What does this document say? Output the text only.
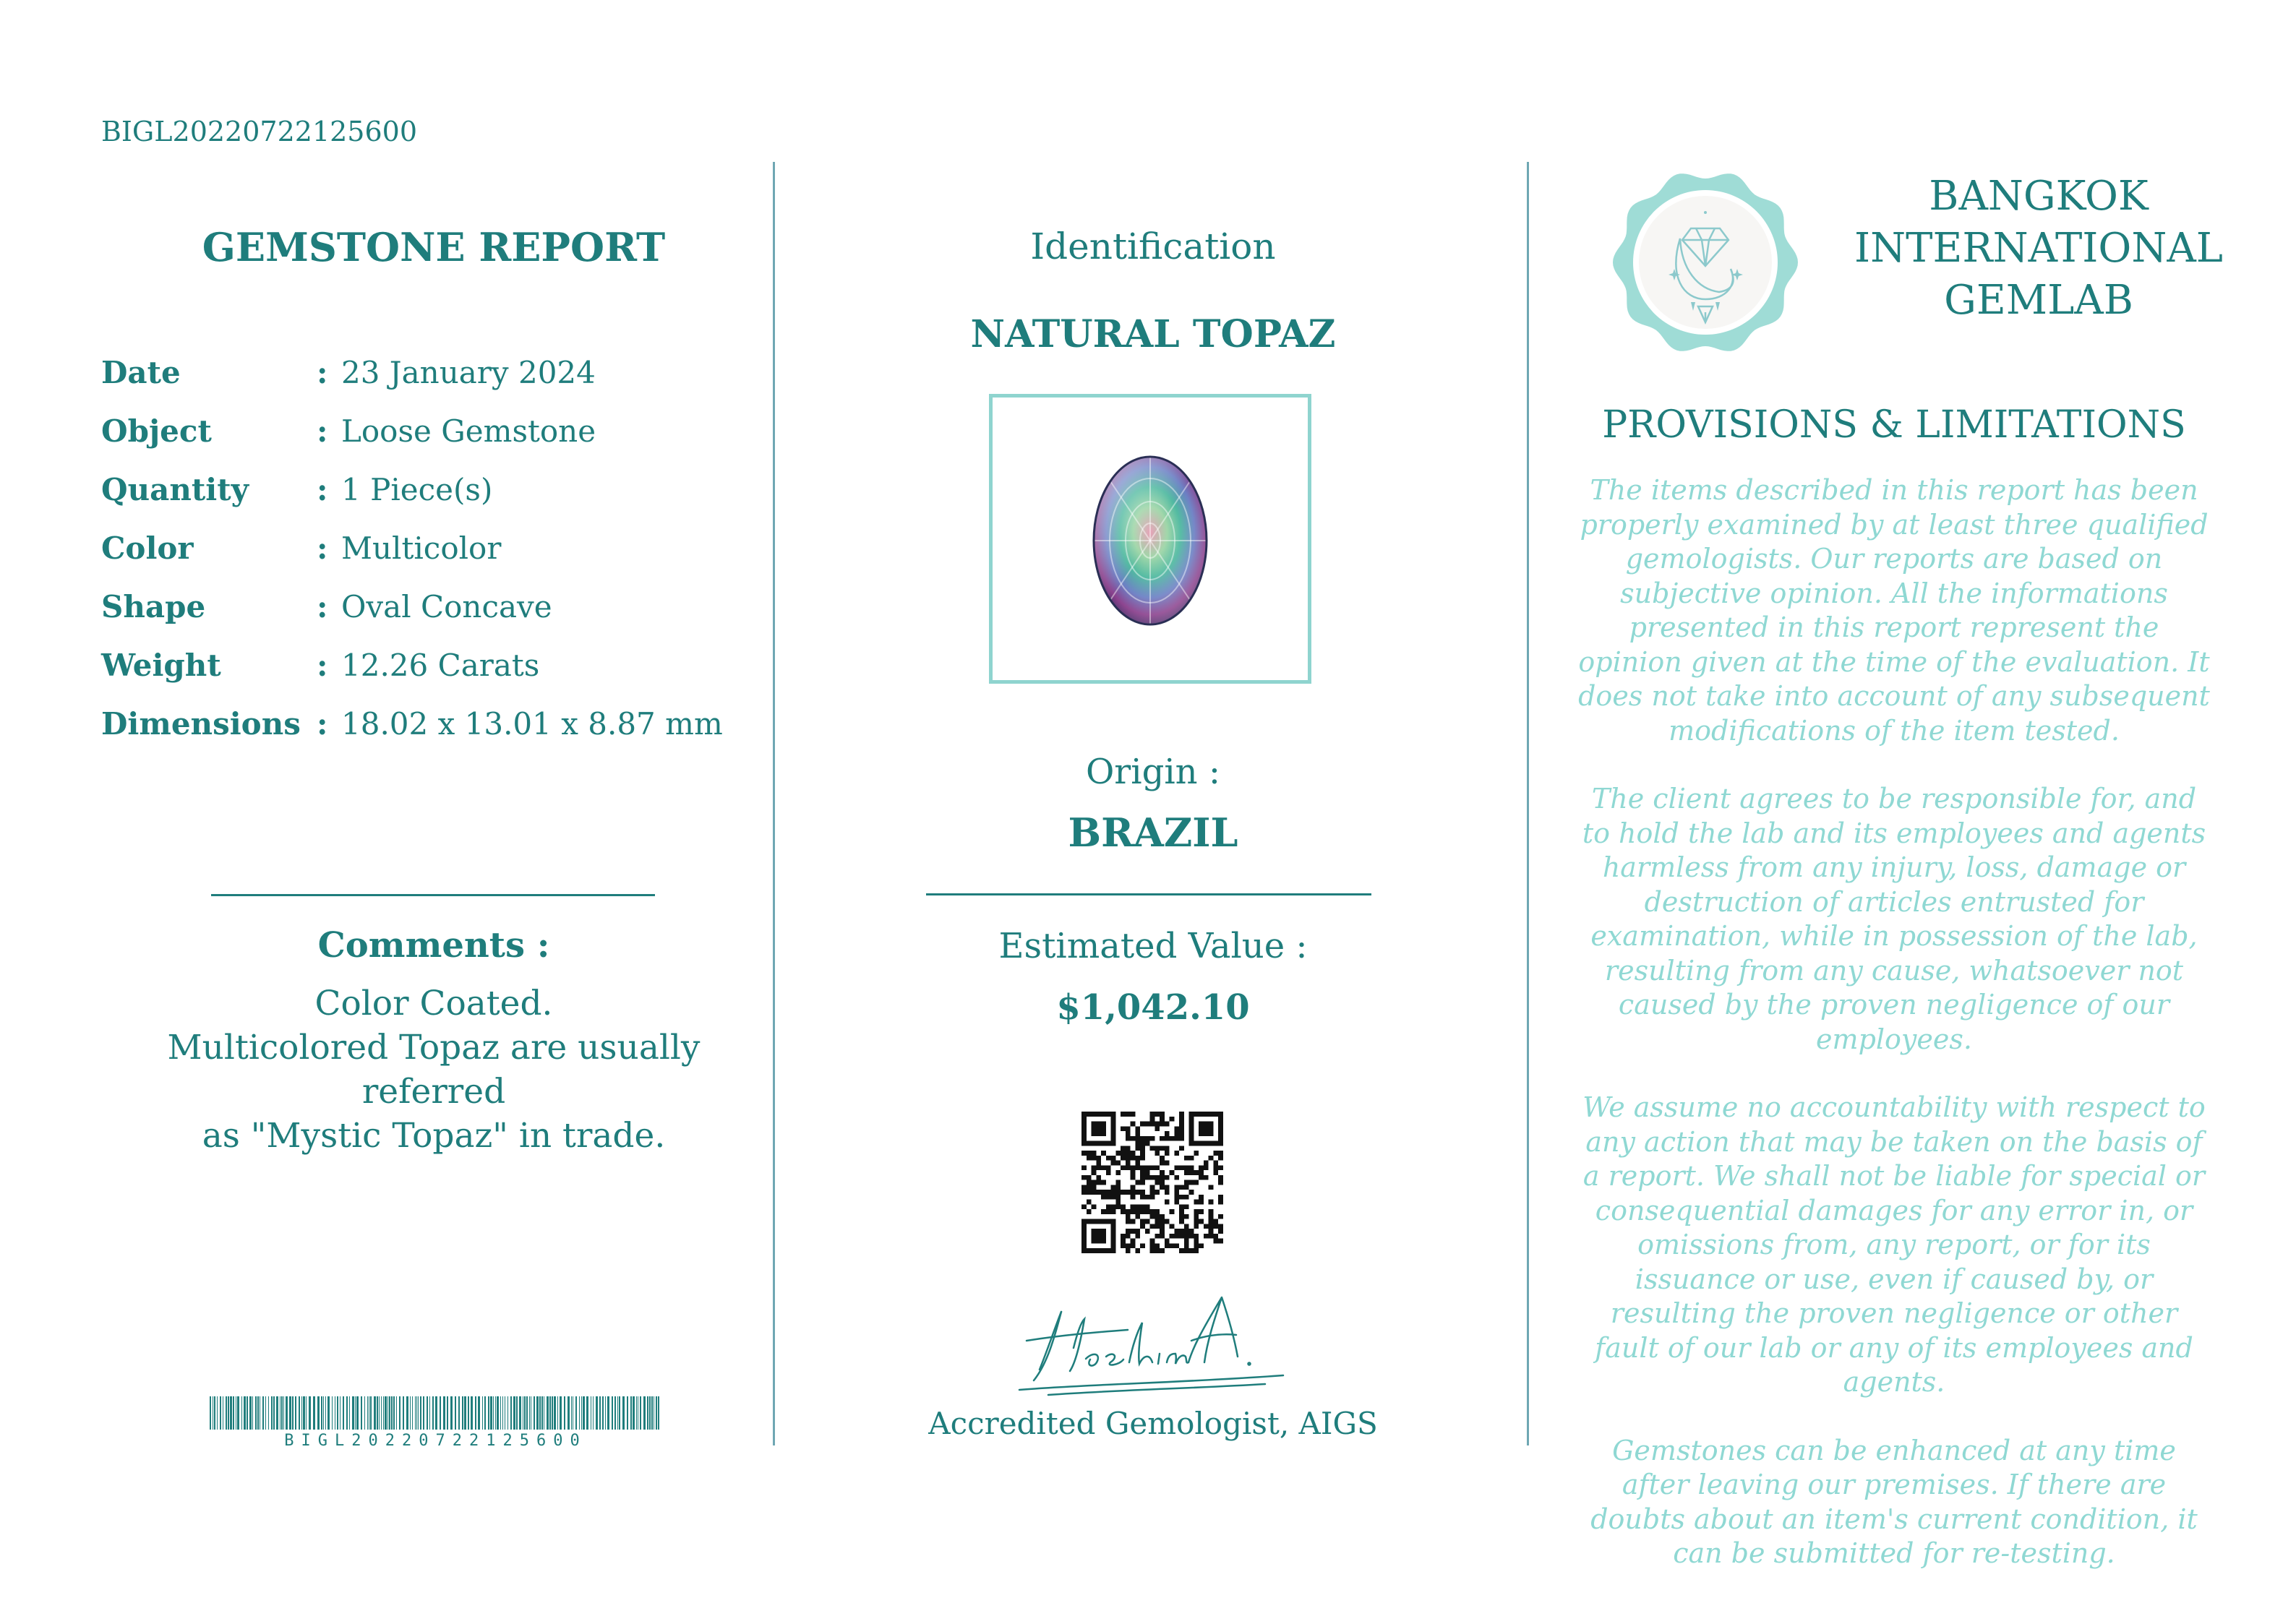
BIGL20220722125600
GEMSTONE REPORT
Date	: 23 January 2024
Object	: Loose Gemstone
Quantity	: 1 Piece(s)
Color	: Multicolor
Shape	: Oval Concave
Weight	: 12.26 Carats
Dimensions : 18.02 x 13.01 x 8.87 mm
Comments :
Color Coated.
Multicolored Topaz are usually referred
as "Mystic Topaz" in trade.
BIGL20220722125600
Identification
NATURAL TOPAZ
Origin :
BRAZIL
Estimated Value :
$1,042.10
Accredited Gemologist, AIGS
BANGKOK
INTERNATIONAL
GEMLAB
PROVISIONS & LIMITATIONS

The items described in this report has been properly examined by at least three qualified gemologists. Our reports are based on subjective opinion. All the informations presented in this report represent the opinion given at the time of the evaluation. It does not take into account of any subsequent modifications of the item tested.

The client agrees to be responsible for, and to hold the lab and its employees and agents harmless from any injury, loss, damage or destruction of articles entrusted for examination, while in possession of the lab, resulting from any cause, whatsoever not caused by the proven negligence of our employees.

We assume no accountability with respect to any action that may be taken on the basis of a report. We shall not be liable for special or consequential damages for any error in, or omissions from, any report, or for its issuance or use, even if caused by, or resulting the proven negligence or other fault of our lab or any of its employees and agents.

Gemstones can be enhanced at any time after leaving our premises. If there are doubts about an item's current condition, it can be submitted for re-testing.
